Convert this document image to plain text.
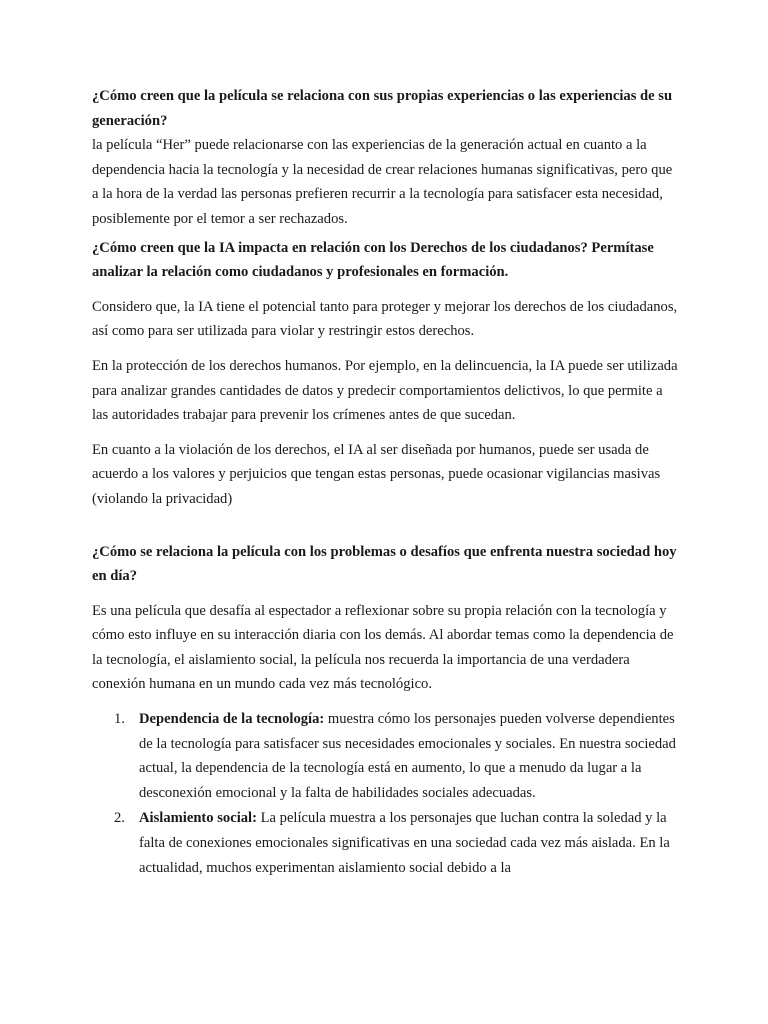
¿Cómo creen que la película se relaciona con sus propias experiencias o las experiencias de su generación?

la película “Her” puede relacionarse con las experiencias de la generación actual en cuanto a la dependencia hacia la tecnología y la necesidad de crear relaciones humanas significativas, pero que a la hora de la verdad las personas prefieren recurrir a la tecnología para satisfacer esta necesidad, posiblemente por el temor a ser rechazados.

¿Cómo creen que la IA impacta en relación con los Derechos de los ciudadanos? Permítase analizar la relación como ciudadanos y profesionales en formación.

Considero que, la IA tiene el potencial tanto para proteger y mejorar los derechos de los ciudadanos, así como para ser utilizada para violar y restringir estos derechos.

En la protección de los derechos humanos. Por ejemplo, en la delincuencia, la IA puede ser utilizada para analizar grandes cantidades de datos y predecir comportamientos delictivos, lo que permite a las autoridades trabajar para prevenir los crímenes antes de que sucedan.

En cuanto a la violación de los derechos, el IA al ser diseñada por humanos, puede ser usada de acuerdo a los valores y perjuicios que tengan estas personas, puede ocasionar vigilancias masivas (violando la privacidad)

¿Cómo se relaciona la película con los problemas o desafíos que enfrenta nuestra sociedad hoy en día?

Es una película que desafía al espectador a reflexionar sobre su propia relación con la tecnología y cómo esto influye en su interacción diaria con los demás. Al abordar temas como la dependencia de la tecnología, el aislamiento social, la película nos recuerda la importancia de una verdadera conexión humana en un mundo cada vez más tecnológico.

1. Dependencia de la tecnología: muestra cómo los personajes pueden volverse dependientes de la tecnología para satisfacer sus necesidades emocionales y sociales. En nuestra sociedad actual, la dependencia de la tecnología está en aumento, lo que a menudo da lugar a la desconexión emocional y la falta de habilidades sociales adecuadas.
2. Aislamiento social: La película muestra a los personajes que luchan contra la soledad y la falta de conexiones emocionales significativas en una sociedad cada vez más aislada. En la actualidad, muchos experimentan aislamiento social debido a la
